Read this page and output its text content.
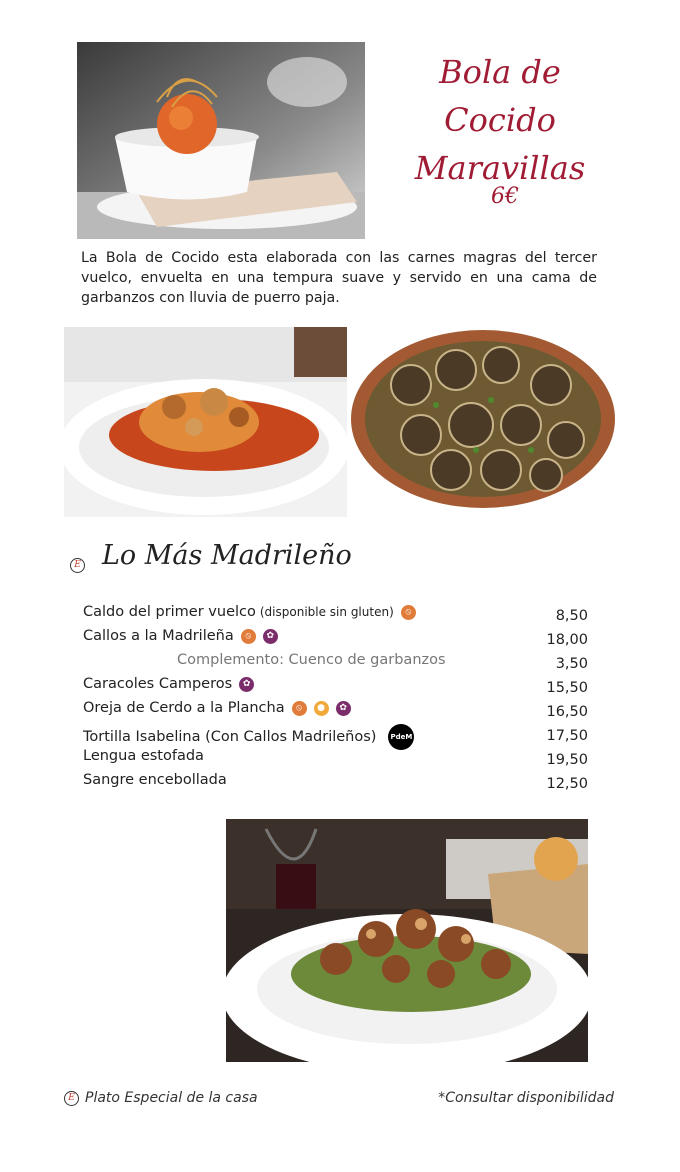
Bola de Cocido Maravillas
6€
La Bola de Cocido esta elaborada con las carnes magras del tercer vuelco, envuelta en una tempura suave y servido en una cama de garbanzos con lluvia de puerro paja.
E Lo Más Madrileño
Caldo del primer vuelco (disponible sin gluten)	⦸	8,50
Callos a la Madrileña	⦸	✿	18,00
Complemento: Cuenco de garbanzos	3,50
Caracoles Camperos	✿	15,50
Oreja de Cerdo a la Plancha	⦸	●	✿	16,50
Tortilla Isabelina (Con Callos Madrileños) PdeM	17,50
Lengua estofada	19,50
Sangre encebollada	12,50
E Plato Especial de la casa	*Consultar disponibilidad
